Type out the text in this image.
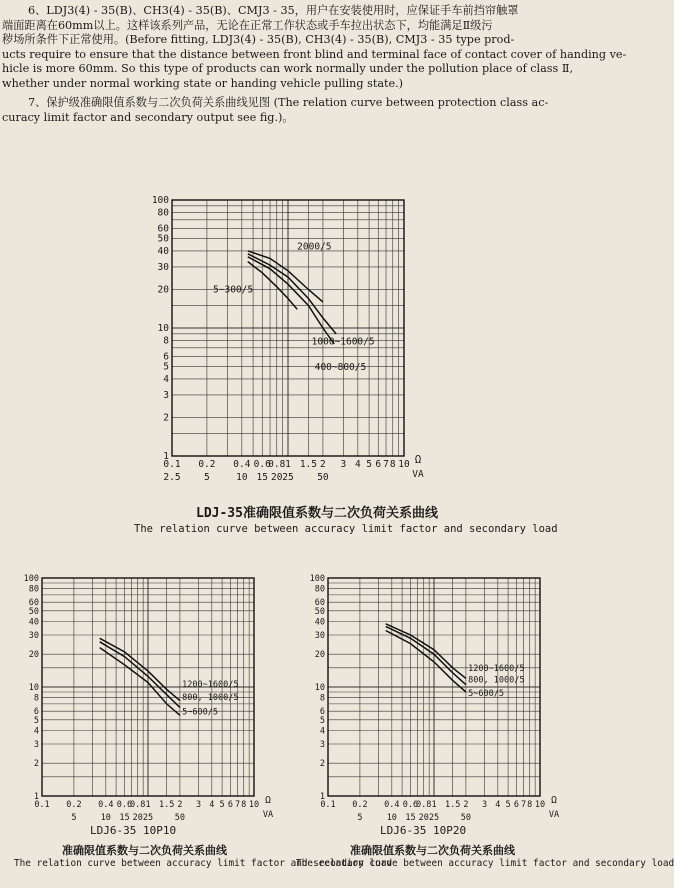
6、LDJ3(4) - 35(B)、CH3(4) - 35(B)、CMJ3 - 35，用户在安装使用时，应保证手车前挡帘触罩
端面距离在60mm以上。这样该系列产品，无论在正常工作状态或手车拉出状态下，均能满足Ⅱ级污
秽场所条件下正常使用。(Before fitting, LDJ3(4) - 35(B), CH3(4) - 35(B), CMJ3 - 35 type prod-
ucts require to ensure that the distance between front blind and terminal face of contact cover of handing ve-
hicle is more 60mm. So this type of products can work normally under the pollution place of class Ⅱ,
whether under normal working state or handing vehicle pulling state.)
7、保护级准确限值系数与二次负荷关系曲线见图 (The relation curve between protection class ac-
curacy limit factor and secondary output see fig.)。
100
80
60
50
40
30
20
10
8
6
5
4
3
2
1
0.1 0.2 0.4 0.6
0.8 1 1.5 2 3 4 5 6 7 8 10 Ω
VA
2.5 5	10 15 20 25 50
2000/5
5~300/5
1000~1600/5
400~800/5
LDJ-35准确限值系数与二次负荷关系曲线
The relation curve between accuracy limit factor and secondary load
100
80
60
50
40
30
20
10
8
6
5
4
3
2
1
0.1 0.2 0.4 0.6
0.8 1 1.5 2 3 4 5 6 7 8 10 Ω
VA
5	10 15 20 25	50
1200~1600/5
800, 1000/5
5~600/5
LDJ6-35 10P10
准确限值系数与二次负荷关系曲线
The relation curve between accuracy limit factor and secondary load
100
80
60
50
40
30
20
10
8
6
5
4
3
2
1
0.1 0.2 0.4 0.6
0.8 1 1.5 2 3 4 5 6 7 8 10 Ω
VA
5	10 15 20 25	50
1200~1600/5
800, 1000/5
5~600/5
LDJ6-35 10P20
准确限值系数与二次负荷关系曲线
The relation curve between accuracy limit factor and secondary load
